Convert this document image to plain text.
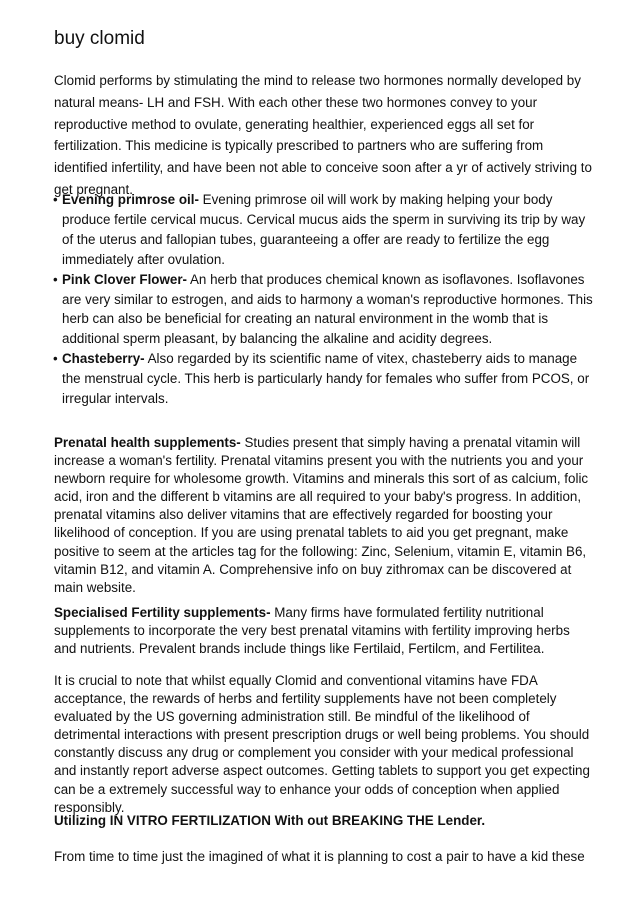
buy clomid

Clomid performs by stimulating the mind to release two hormones normally developed by natural means- LH and FSH. With each other these two hormones convey to your reproductive method to ovulate, generating healthier, experienced eggs all set for fertilization. This medicine is typically prescribed to partners who are suffering from identified infertility, and have been not able to conceive soon after a yr of actively striving to get pregnant.

• Evening primrose oil- Evening primrose oil will work by making helping your body produce fertile cervical mucus. Cervical mucus aids the sperm in surviving its trip by way of the uterus and fallopian tubes, guaranteeing a offer are ready to fertilize the egg immediately after ovulation.
• Pink Clover Flower- An herb that produces chemical known as isoflavones. Isoflavones are very similar to estrogen, and aids to harmony a woman's reproductive hormones. This herb can also be beneficial for creating an natural environment in the womb that is additional sperm pleasant, by balancing the alkaline and acidity degrees.
• Chasteberry- Also regarded by its scientific name of vitex, chasteberry aids to manage the menstrual cycle. This herb is particularly handy for females who suffer from PCOS, or irregular intervals.

Prenatal health supplements- Studies present that simply having a prenatal vitamin will increase a woman's fertility. Prenatal vitamins present you with the nutrients you and your newborn require for wholesome growth. Vitamins and minerals this sort of as calcium, folic acid, iron and the different b vitamins are all required to your baby's progress. In addition, prenatal vitamins also deliver vitamins that are effectively regarded for boosting your likelihood of conception. If you are using prenatal tablets to aid you get pregnant, make positive to seem at the articles tag for the following: Zinc, Selenium, vitamin E, vitamin B6, vitamin B12, and vitamin A. Comprehensive info on buy zithromax can be discovered at main website.

Specialised Fertility supplements- Many firms have formulated fertility nutritional supplements to incorporate the very best prenatal vitamins with fertility improving herbs and nutrients. Prevalent brands include things like Fertilaid, Fertilcm, and Fertilitea.

It is crucial to note that whilst equally Clomid and conventional vitamins have FDA acceptance, the rewards of herbs and fertility supplements have not been completely evaluated by the US governing administration still. Be mindful of the likelihood of detrimental interactions with present prescription drugs or well being problems. You should constantly discuss any drug or complement you consider with your medical professional and instantly report adverse aspect outcomes. Getting tablets to support you get expecting can be a extremely successful way to enhance your odds of conception when applied responsibly.

Utilizing IN VITRO FERTILIZATION With out BREAKING THE Lender.

From time to time just the imagined of what it is planning to cost a pair to have a kid these
